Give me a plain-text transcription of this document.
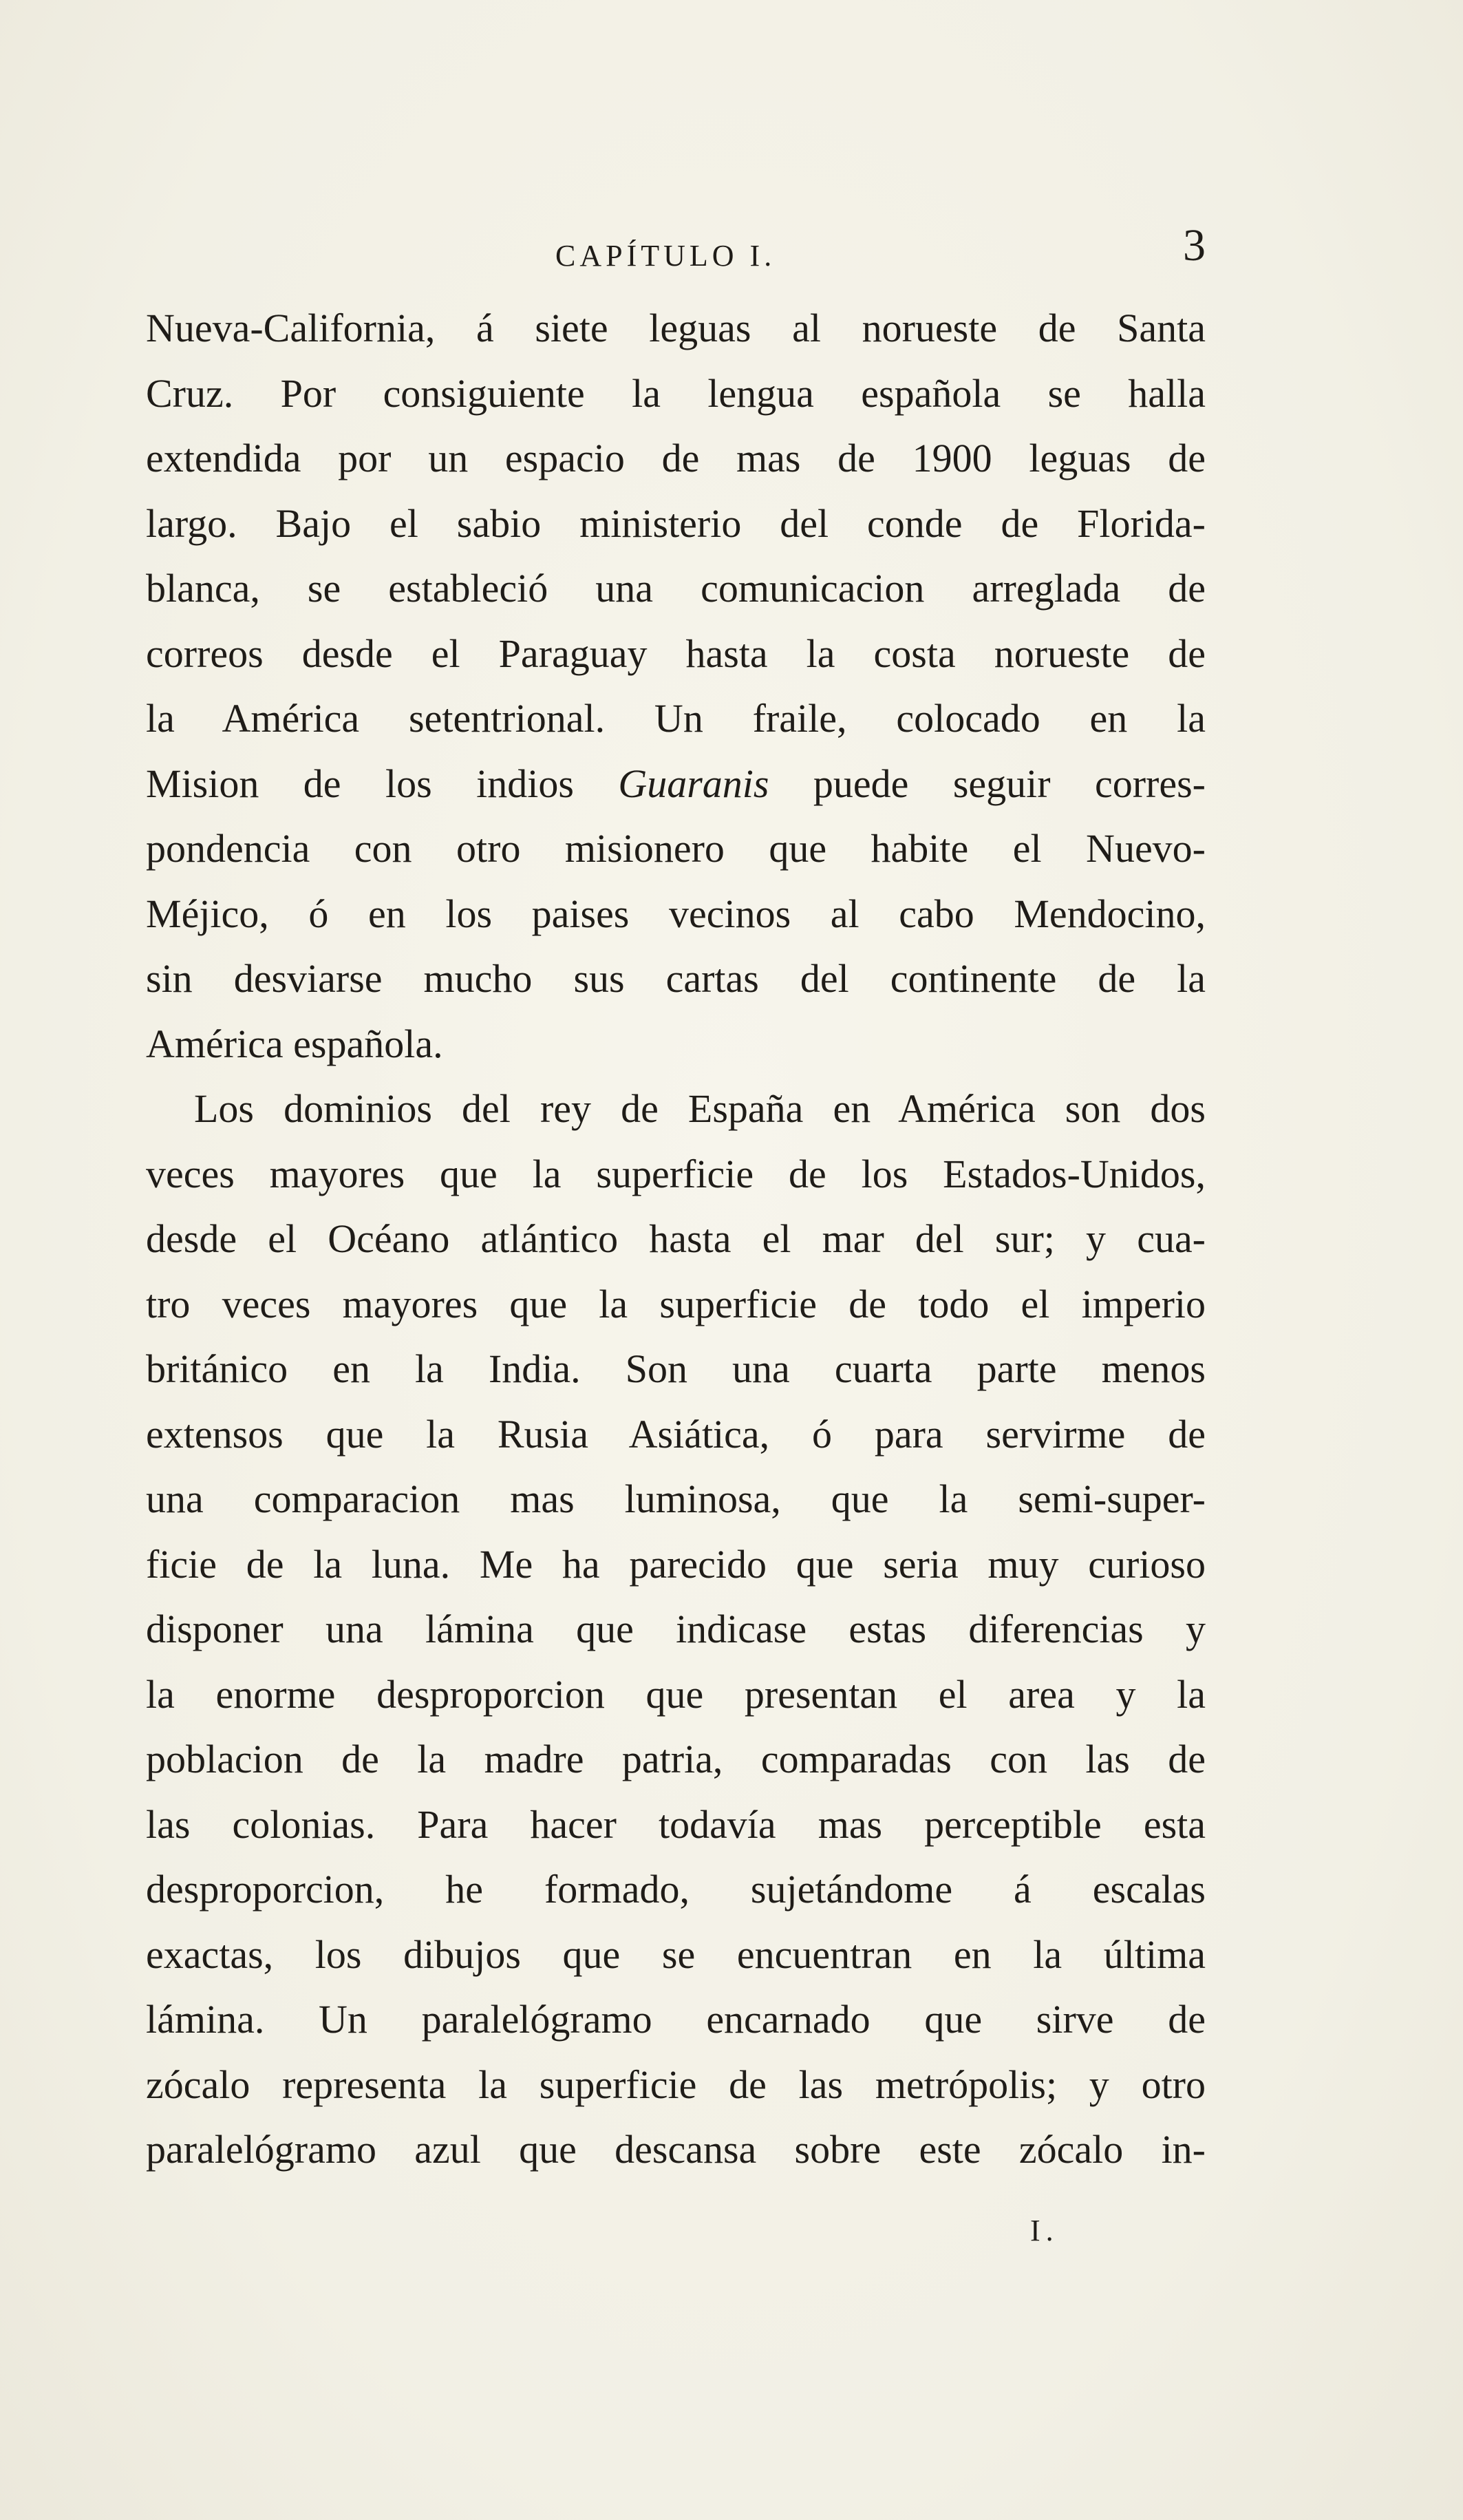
CAPÍTULO I.	3
Nueva-California, á siete leguas al norueste de Santa
Cruz. Por consiguiente la lengua española se halla
extendida por un espacio de mas de 1900 leguas de
largo. Bajo el sabio ministerio del conde de Florida-
blanca, se estableció una comunicacion arreglada de
correos desde el Paraguay hasta la costa norueste de
la América setentrional. Un fraile, colocado en la
Mision de los indios Guaranis puede seguir corres-
pondencia con otro misionero que habite el Nuevo-
Méjico, ó en los paises vecinos al cabo Mendocino,
sin desviarse mucho sus cartas del continente de la
América española.
Los dominios del rey de España en América son dos
veces mayores que la superficie de los Estados-Unidos,
desde el Océano atlántico hasta el mar del sur; y cua-
tro veces mayores que la superficie de todo el imperio
británico en la India. Son una cuarta parte menos
extensos que la Rusia Asiática, ó para servirme de
una comparacion mas luminosa, que la semi-super-
ficie de la luna. Me ha parecido que seria muy curioso
disponer una lámina que indicase estas diferencias y
la enorme desproporcion que presentan el area y la
poblacion de la madre patria, comparadas con las de
las colonias. Para hacer todavía mas perceptible esta
desproporcion, he formado, sujetándome á escalas
exactas, los dibujos que se encuentran en la última
lámina. Un paralelógramo encarnado que sirve de
zócalo representa la superficie de las metrópolis; y otro
paralelógramo azul que descansa sobre este zócalo in-
I.
